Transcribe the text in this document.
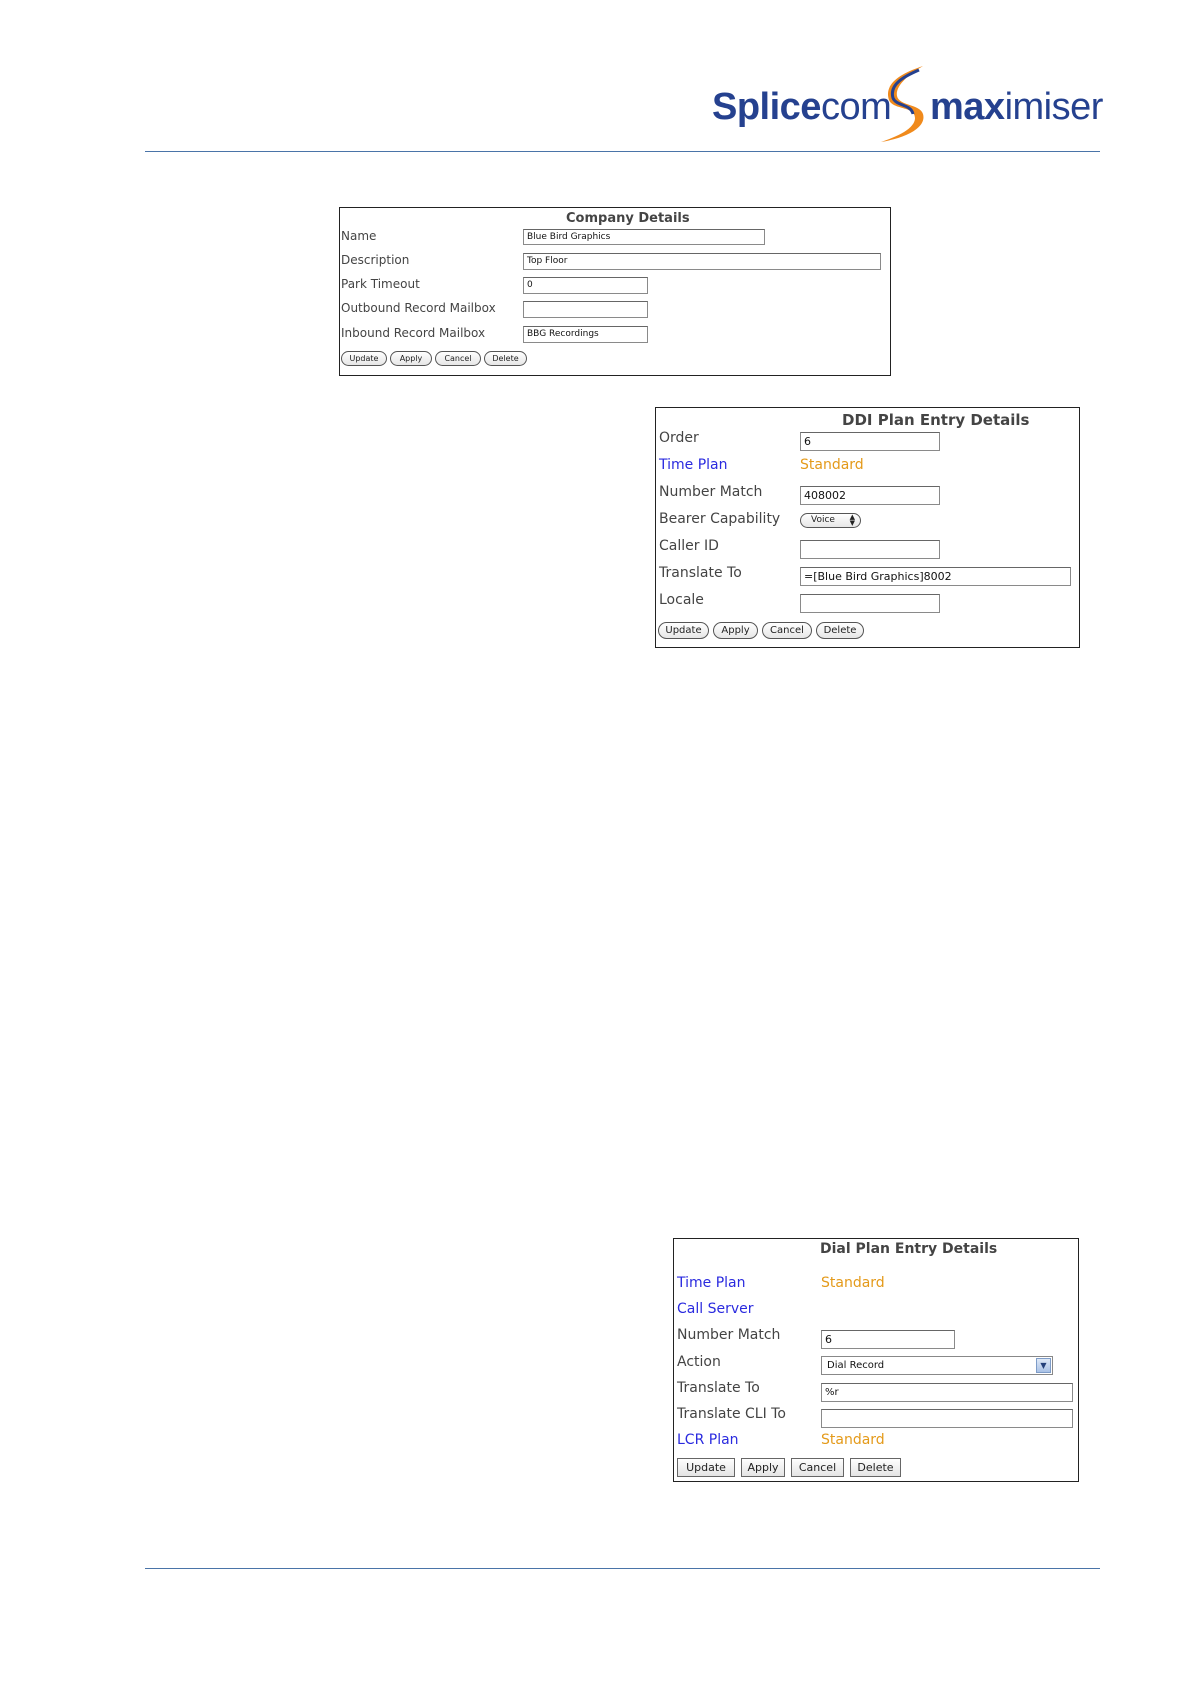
Splicecom maximiser
Company Details
Name	Blue Bird Graphics
Description	Top Floor
Park Timeout	0
Outbound Record Mailbox
Inbound Record Mailbox	BBG Recordings
Update	Apply	Cancel	Delete
DDI Plan Entry Details
Order	6
Time Plan	Standard
Number Match	408002
Bearer Capability	Voice ▲
▼
Caller ID
Translate To	=[Blue Bird Graphics]8002
Locale
Update	Apply	Cancel	Delete
Dial Plan Entry Details
Time Plan	Standard
Call Server
Number Match	6
Action	Dial Record	▼
Translate To	%r
Translate CLI To
LCR Plan	Standard
Update	Apply	Cancel	Delete
